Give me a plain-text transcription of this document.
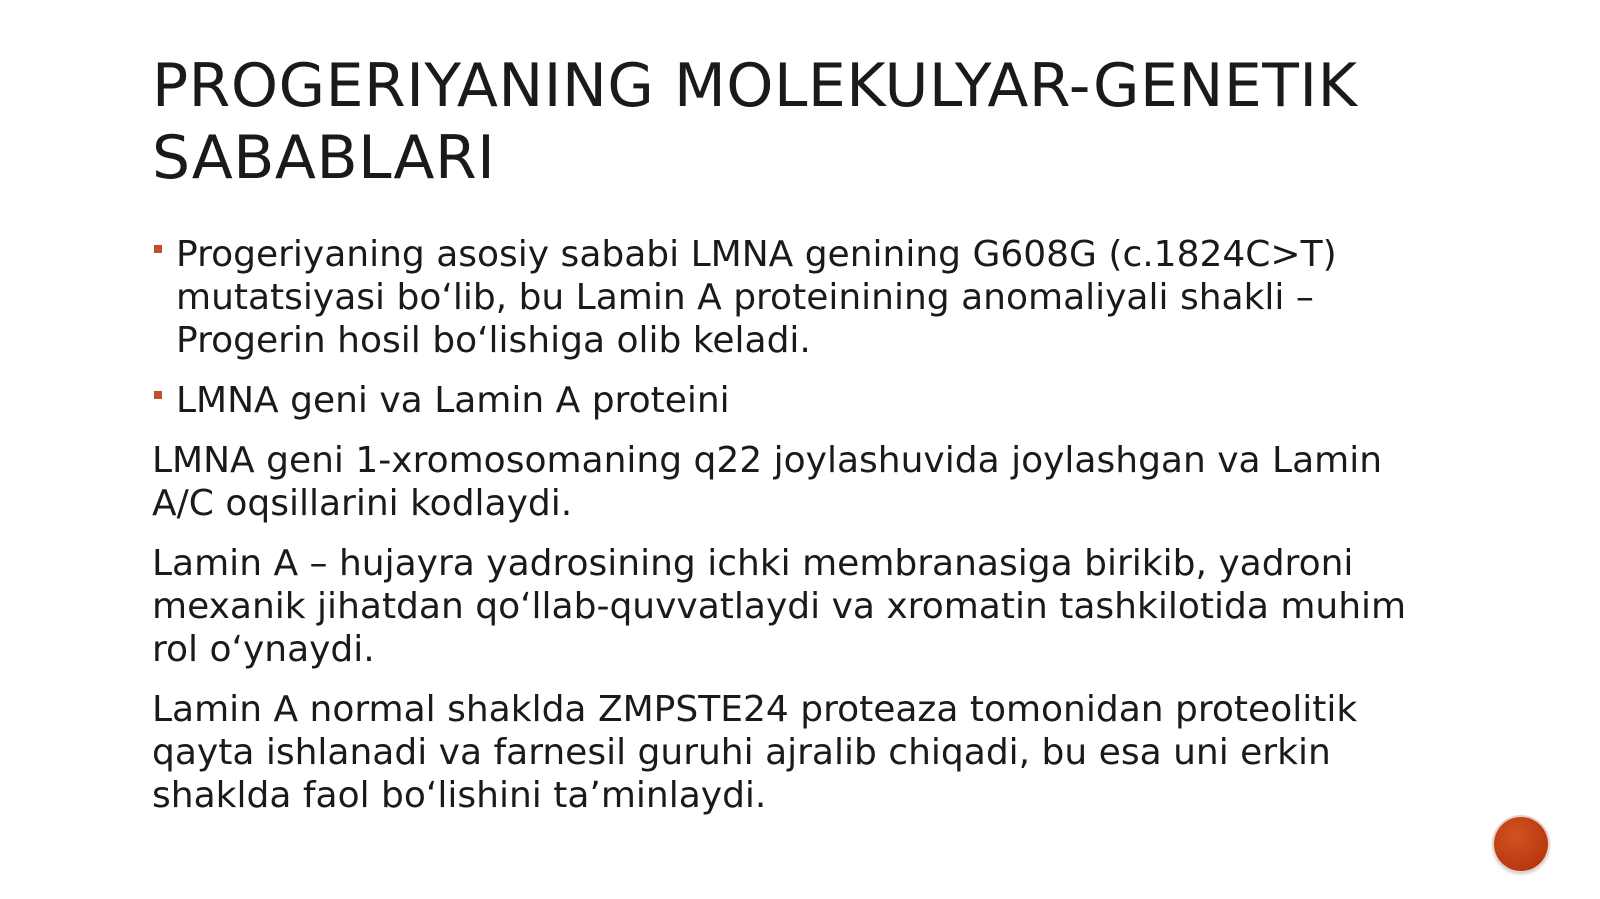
PROGERIYANING MOLEKULYAR-GENETIK SABABLARI
Progeriyaning asosiy sababi LMNA genining G608G (c.1824C>T) mutatsiyasi boʻlib, bu Lamin A proteinining anomaliyali shakli – Progerin hosil boʻlishiga olib keladi.
LMNA geni va Lamin A proteini

LMNA geni 1-xromosomaning q22 joylashuvida joylashgan va Lamin A/C oqsillarini kodlaydi.

Lamin A – hujayra yadrosining ichki membranasiga birikib, yadroni mexanik jihatdan qoʻllab-quvvatlaydi va xromatin tashkilotida muhim rol oʻynaydi.

Lamin A normal shaklda ZMPSTE24 proteaza tomonidan proteolitik qayta ishlanadi va farnesil guruhi ajralib chiqadi, bu esa uni erkin shaklda faol boʻlishini taʼminlaydi.
